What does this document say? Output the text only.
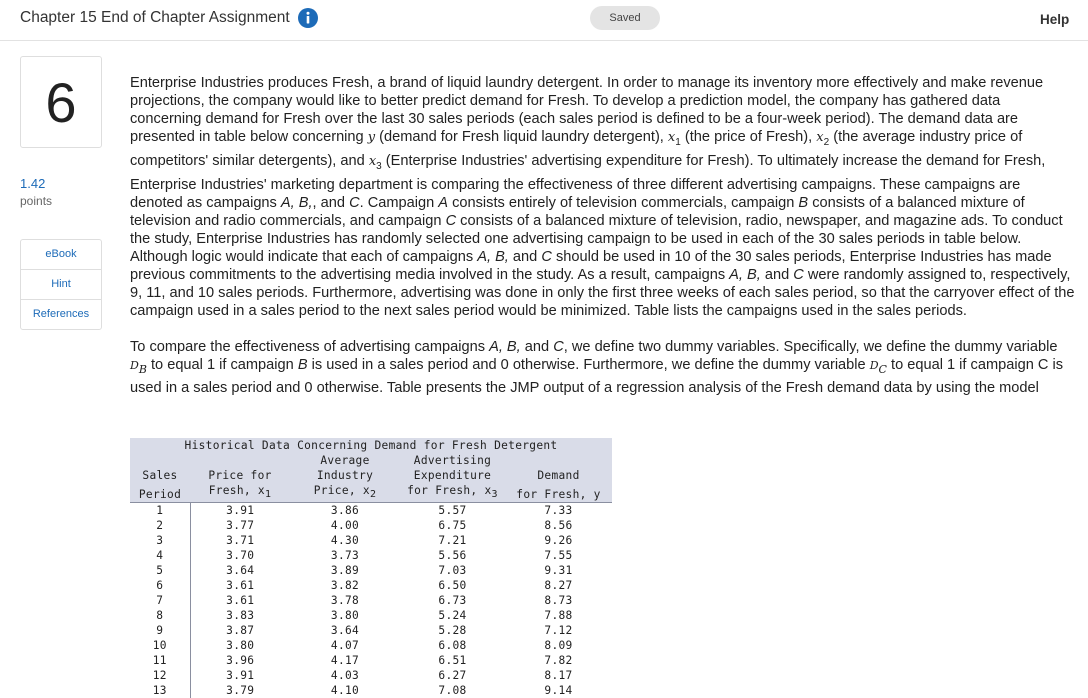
Chapter 15 End of Chapter Assignment	Saved	Help
6
1.42
points
eBook
Hint
References

Enterprise Industries produces Fresh, a brand of liquid laundry detergent. In order to manage its inventory more effectively and make revenue projections, the company would like to better predict demand for Fresh. To develop a prediction model, the company has gathered data concerning demand for Fresh over the last 30 sales periods (each sales period is defined to be a four-week period). The demand data are presented in table below concerning y (demand for Fresh liquid laundry detergent), $x_1$ (the price of Fresh), $x_2$ (the average industry price of competitors' similar detergents), and $x_3$ (Enterprise Industries' advertising expenditure for Fresh). To ultimately increase the demand for Fresh, Enterprise Industries' marketing department is comparing the effectiveness of three different advertising campaigns. These campaigns are denoted as campaigns A, B,, and C. Campaign A consists entirely of television commercials, campaign B consists of a balanced mixture of television and radio commercials, and campaign C consists of a balanced mixture of television, radio, newspaper, and magazine ads. To conduct the study, Enterprise Industries has randomly selected one advertising campaign to be used in each of the 30 sales periods in table below. Although logic would indicate that each of campaigns A, B, and C should be used in 10 of the 30 sales periods, Enterprise Industries has made previous commitments to the advertising media involved in the study. As a result, campaigns A, B, and C were randomly assigned to, respectively, 9, 11, and 10 sales periods. Furthermore, advertising was done in only the first three weeks of each sales period, so that the carryover effect of the campaign used in a sales period to the next sales period would be minimized. Table lists the campaigns used in the sales periods.

To compare the effectiveness of advertising campaigns A, B, and C, we define two dummy variables. Specifically, we define the dummy variable $D_B$ to equal 1 if campaign B is used in a sales period and 0 otherwise. Furthermore, we define the dummy variable $D_C$ to equal 1 if campaign C is used in a sales period and 0 otherwise. Table presents the JMP output of a regression analysis of the Fresh demand data by using the model

Historical Data Concerning Demand for Fresh Detergent
		Average	Advertising	
Sales	Price for	Industry	Expenditure	Demand
Period	Fresh, $x_1$	Price, $x_2$	for Fresh, $x_3$	for Fresh, y
1	3.91	3.86	5.57	7.33
2	3.77	4.00	6.75	8.56
3	3.71	4.30	7.21	9.26
4	3.70	3.73	5.56	7.55
5	3.64	3.89	7.03	9.31
6	3.61	3.82	6.50	8.27
7	3.61	3.78	6.73	8.73
8	3.83	3.80	5.24	7.88
9	3.87	3.64	5.28	7.12
10	3.80	4.07	6.08	8.09
11	3.96	4.17	6.51	7.82
12	3.91	4.03	6.27	8.17
13	3.79	4.10	7.08	9.14
